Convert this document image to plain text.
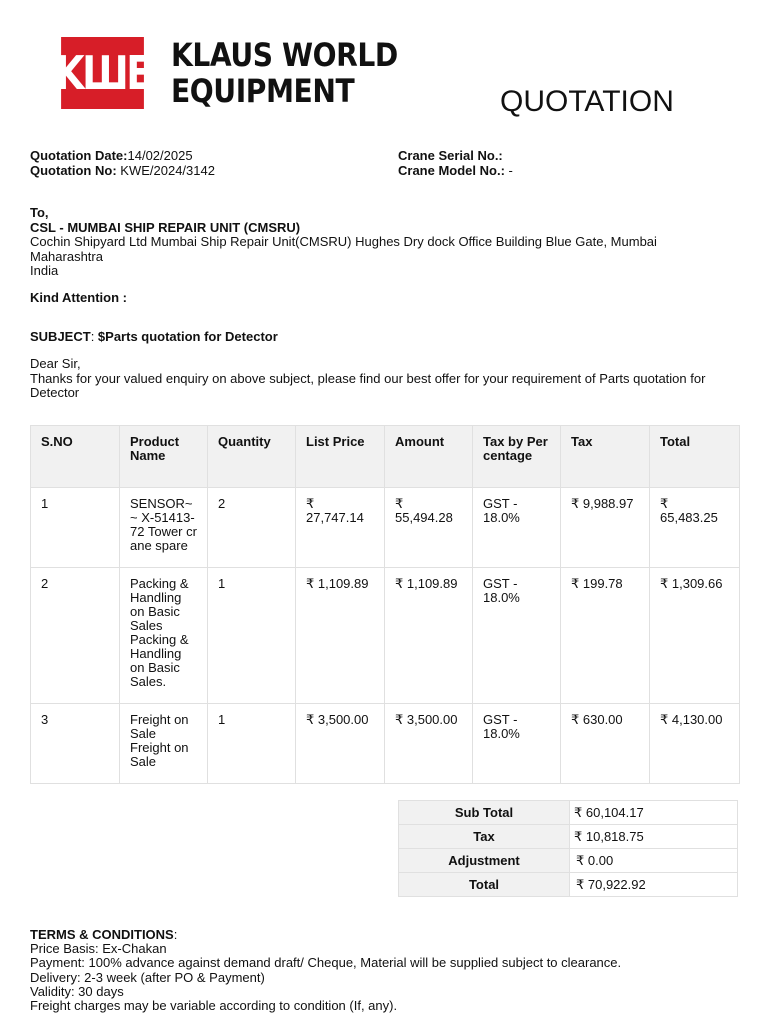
KШE KLAUS WORLD
EQUIPMENT	QUOTATION
Quotation Date:14/02/2025
Quotation No: KWE/2024/3142
Crane Serial No.:
Crane Model No.: -
To,
CSL - MUMBAI SHIP REPAIR UNIT (CMSRU)
Cochin Shipyard Ltd Mumbai Ship Repair Unit(CMSRU) Hughes Dry dock Office Building Blue Gate, Mumbai
Maharashtra
India
Kind Attention :
SUBJECT: $Parts quotation for Detector
Dear Sir,
Thanks for your valued enquiry on above subject, please find our best offer for your requirement of Parts quotation for Detector
S.NO	Product Name	Quantity	List Price	Amount	Tax by Percentage	Tax	Total
1	SENSOR~~ X-51413-72 Tower crane spare	2	₹ 27,747.14	₹ 55,494.28	GST - 18.0%	₹ 9,988.97	₹ 65,483.25
2	Packing & Handling on Basic Sales Packing & Handling on Basic Sales.	1	₹ 1,109.89	₹ 1,109.89	GST - 18.0%	₹ 199.78	₹ 1,309.66
3	Freight on Sale Freight on Sale	1	₹ 3,500.00	₹ 3,500.00	GST - 18.0%	₹ 630.00	₹ 4,130.00
Sub Total	₹ 60,104.17
Tax	₹ 10,818.75
Adjustment	₹ 0.00
Total	₹ 70,922.92
TERMS & CONDITIONS:
Price Basis: Ex-Chakan
Payment: 100% advance against demand draft/ Cheque, Material will be supplied subject to clearance.
Delivery: 2-3 week (after PO & Payment)
Validity: 30 days
Freight charges may be variable according to condition (If, any).
